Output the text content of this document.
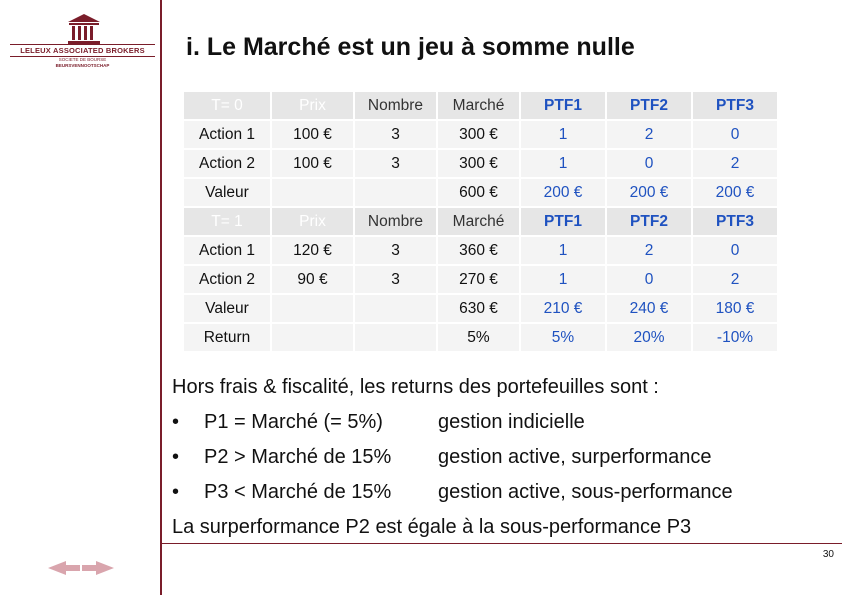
LELEUX ASSOCIATED BROKERS
SOCIETE DE BOURSE
BEURSVENNOOTSCHAP
i. Le Marché est un jeu à somme nulle
T= 0	Prix	Nombre	Marché	PTF1	PTF2	PTF3
Action 1	100 €	3	300 €	1	2	0
Action 2	100 €	3	300 €	1	0	2
Valeur			600 €	200 €	200 €	200 €
T= 1	Prix	Nombre	Marché	PTF1	PTF2	PTF3
Action 1	120 €	3	360 €	1	2	0
Action 2	90 €	3	270 €	1	0	2
Valeur			630 €	210 €	240 €	180 €
Return			5%	5%	20%	-10%
Hors frais & fiscalité, les returns des portefeuilles sont :
• P1 = Marché (= 5%)	gestion indicielle
• P2 > Marché de 15% gestion active, surperformance
• P3 < Marché de 15% gestion active, sous-performance
La surperformance P2 est égale à la sous-performance P3
30
